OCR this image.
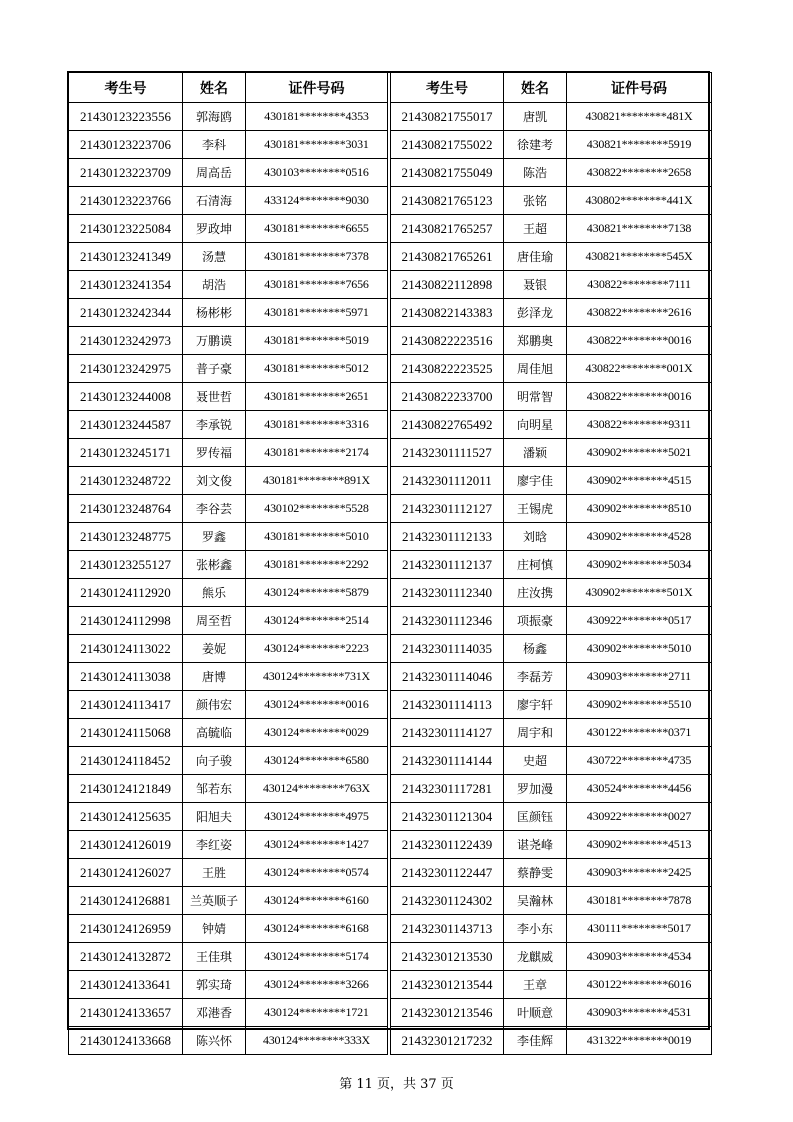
考生号	姓名	证件号码
21430123223556	郭海鸥	430181********4353
21430123223706	李科	430181********3031
21430123223709	周高岳	430103********0516
21430123223766	石清海	433124********9030
21430123225084	罗政坤	430181********6655
21430123241349	汤慧	430181********7378
21430123241354	胡浩	430181********7656
21430123242344	杨彬彬	430181********5971
21430123242973	万鹏谟	430181********5019
21430123242975	普子豪	430181********5012
21430123244008	聂世哲	430181********2651
21430123244587	李承锐	430181********3316
21430123245171	罗传福	430181********2174
21430123248722	刘文俊	430181********891X
21430123248764	李谷芸	430102********5528
21430123248775	罗鑫	430181********5010
21430123255127	张彬鑫	430181********2292
21430124112920	熊乐	430124********5879
21430124112998	周至哲	430124********2514
21430124113022	姜妮	430124********2223
21430124113038	唐博	430124********731X
21430124113417	颜伟宏	430124********0016
21430124115068	高毓临	430124********0029
21430124118452	向子骏	430124********6580
21430124121849	邹若东	430124********763X
21430124125635	阳旭夫	430124********4975
21430124126019	李红姿	430124********1427
21430124126027	王胜	430124********0574
21430124126881	兰英顺子	430124********6160
21430124126959	钟婧	430124********6168
21430124132872	王佳琪	430124********5174
21430124133641	郭实琦	430124********3266
21430124133657	邓港香	430124********1721
21430124133668	陈兴怀	430124********333X
考生号	姓名	证件号码
21430821755017	唐凯	430821********481X
21430821755022	徐建考	430821********5919
21430821755049	陈浩	430822********2658
21430821765123	张铭	430802********441X
21430821765257	王超	430821********7138
21430821765261	唐佳瑜	430821********545X
21430822112898	聂银	430822********7111
21430822143383	彭泽龙	430822********2616
21430822223516	郑鹏奥	430822********0016
21430822223525	周佳旭	430822********001X
21430822233700	明常智	430822********0016
21430822765492	向明星	430822********9311
21432301111527	潘颖	430902********5021
21432301112011	廖宇佳	430902********4515
21432301112127	王锡虎	430902********8510
21432301112133	刘晗	430902********4528
21432301112137	庄柯慎	430902********5034
21432301112340	庄汝携	430902********501X
21432301112346	项振豪	430922********0517
21432301114035	杨鑫	430902********5010
21432301114046	李磊芳	430903********2711
21432301114113	廖宇轩	430902********5510
21432301114127	周宇和	430122********0371
21432301114144	史超	430722********4735
21432301117281	罗加漫	430524********4456
21432301121304	匡颜钰	430922********0027
21432301122439	谌尧峰	430902********4513
21432301122447	蔡静雯	430903********2425
21432301124302	吴瀚林	430181********7878
21432301143713	李小东	430111********5017
21432301213530	龙麒威	430903********4534
21432301213544	王章	430122********6016
21432301213546	叶顺意	430903********4531
21432301217232	李佳辉	431322********0019
第 11 页，共 37 页
